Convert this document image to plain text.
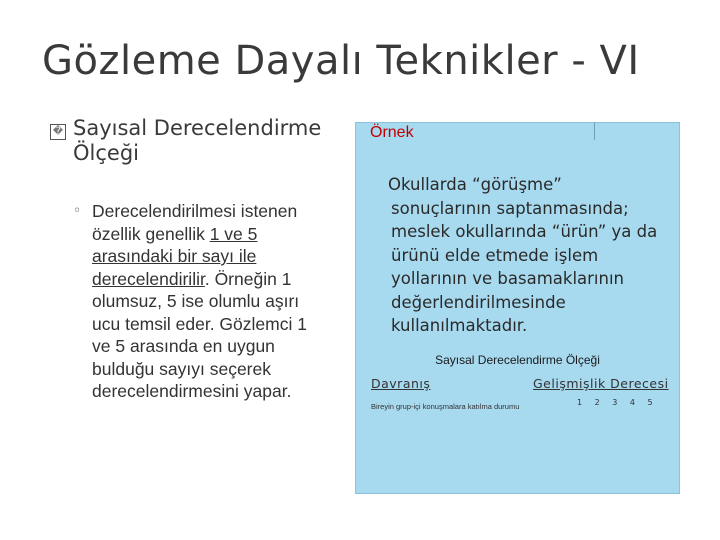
Gözleme Dayalı Teknikler - VI
� Sayısal Derecelendirme Ölçeği
◦ Derecelendirilmesi istenen özellik genellik 1 ve 5 arasındaki bir sayı ile derecelendirilir. Örneğin 1 olumsuz, 5 ise olumlu aşırı ucu temsil eder. Gözlemci 1 ve 5 arasında en uygun bulduğu sayıyı seçerek derecelendirmesini yapar.
Örnek
Okullarda “görüşme”
sonuçlarının saptanmasında;
meslek okullarında “ürün” ya da
ürünü elde etmede işlem
yollarının ve basamaklarının
değerlendirilmesinde
kullanılmaktadır.
Sayısal Derecelendirme Ölçeği
Davranış	Gelişmişlik Derecesi
Bireyin grup-içi konuşmalara katılma durumu	1 2 3 4 5
